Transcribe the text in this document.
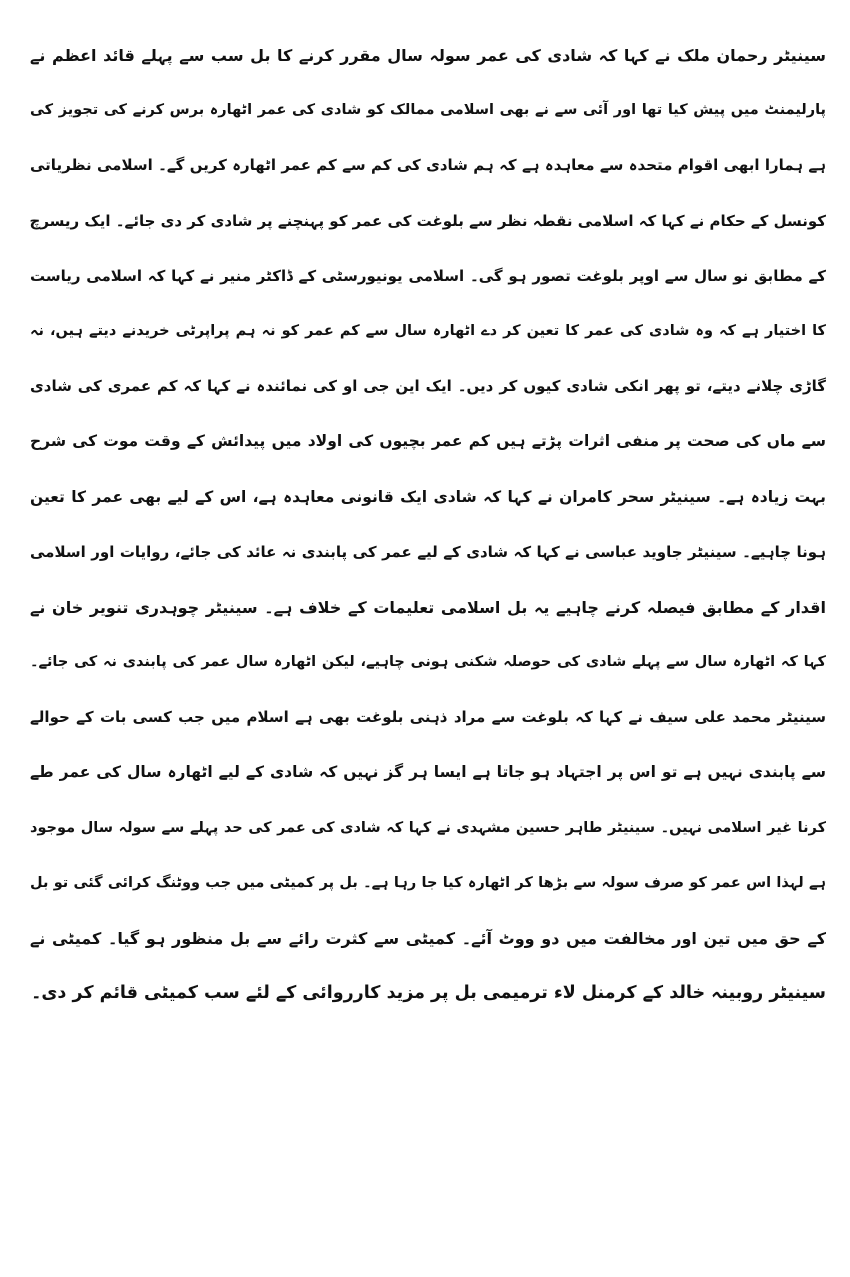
سینیٹر رحمان ملک نے کہا کہ شادی کی عمر سولہ سال مقرر کرنے کا بل سب سے پہلے قائد اعظم نے
پارلیمنٹ میں پیش کیا تھا اور آئی سے نے بھی اسلامی ممالک کو شادی کی عمر اٹھارہ برس کرنے کی تجویز کی
ہے ہمارا ابھی اقوام متحدہ سے معاہدہ ہے کہ ہم شادی کی کم سے کم عمر اٹھارہ کریں گے۔ اسلامی نظریاتی
کونسل کے حکام نے کہا کہ اسلامی نقطہ نظر سے بلوغت کی عمر کو پہنچنے پر شادی کر دی جائے۔ ایک ریسرچ
کے مطابق نو سال سے اوپر بلوغت تصور ہو گی۔ اسلامی یونیورسٹی کے ڈاکٹر منیر نے کہا کہ اسلامی ریاست
کا اختیار ہے کہ وہ شادی کی عمر کا تعین کر دے اٹھارہ سال سے کم عمر کو نہ ہم پراپرٹی خریدنے دیتے ہیں، نہ
گاڑی چلانے دیتے، تو پھر انکی شادی کیوں کر دیں۔ ایک این جی او کی نمائندہ نے کہا کہ کم عمری کی شادی
سے ماں کی صحت پر منفی اثرات پڑتے ہیں کم عمر بچیوں کی اولاد میں پیدائش کے وقت موت کی شرح
بہت زیادہ ہے۔ سینیٹر سحر کامران نے کہا کہ شادی ایک قانونی معاہدہ ہے، اس کے لیے بھی عمر کا تعین
ہونا چاہیے۔ سینیٹر جاوید عباسی نے کہا کہ شادی کے لیے عمر کی پابندی نہ عائد کی جائے، روایات اور اسلامی
اقدار کے مطابق فیصلہ کرنے چاہیے یہ بل اسلامی تعلیمات کے خلاف ہے۔ سینیٹر چوہدری تنویر خان نے
کہا کہ اٹھارہ سال سے پہلے شادی کی حوصلہ شکنی ہونی چاہیے، لیکن اٹھارہ سال عمر کی پابندی نہ کی جائے۔
سینیٹر محمد علی سیف نے کہا کہ بلوغت سے مراد ذہنی بلوغت بھی ہے اسلام میں جب کسی بات کے حوالے
سے پابندی نہیں ہے تو اس پر اجتہاد ہو جاتا ہے ایسا ہر گز نہیں کہ شادی کے لیے اٹھارہ سال کی عمر طے
کرنا غیر اسلامی نہیں۔ سینیٹر طاہر حسین مشہدی نے کہا کہ شادی کی عمر کی حد پہلے سے سولہ سال موجود
ہے لہذا اس عمر کو صرف سولہ سے بڑھا کر اٹھارہ کیا جا رہا ہے۔ بل پر کمیٹی میں جب ووٹنگ کرائی گئی تو بل
کے حق میں تین اور مخالفت میں دو ووٹ آئے۔ کمیٹی سے کثرت رائے سے بل منظور ہو گیا۔ کمیٹی نے
سینیٹر روبینہ خالد کے کرمنل لاء ترمیمی بل پر مزید کارروائی کے لئے سب کمیٹی قائم کر دی۔
